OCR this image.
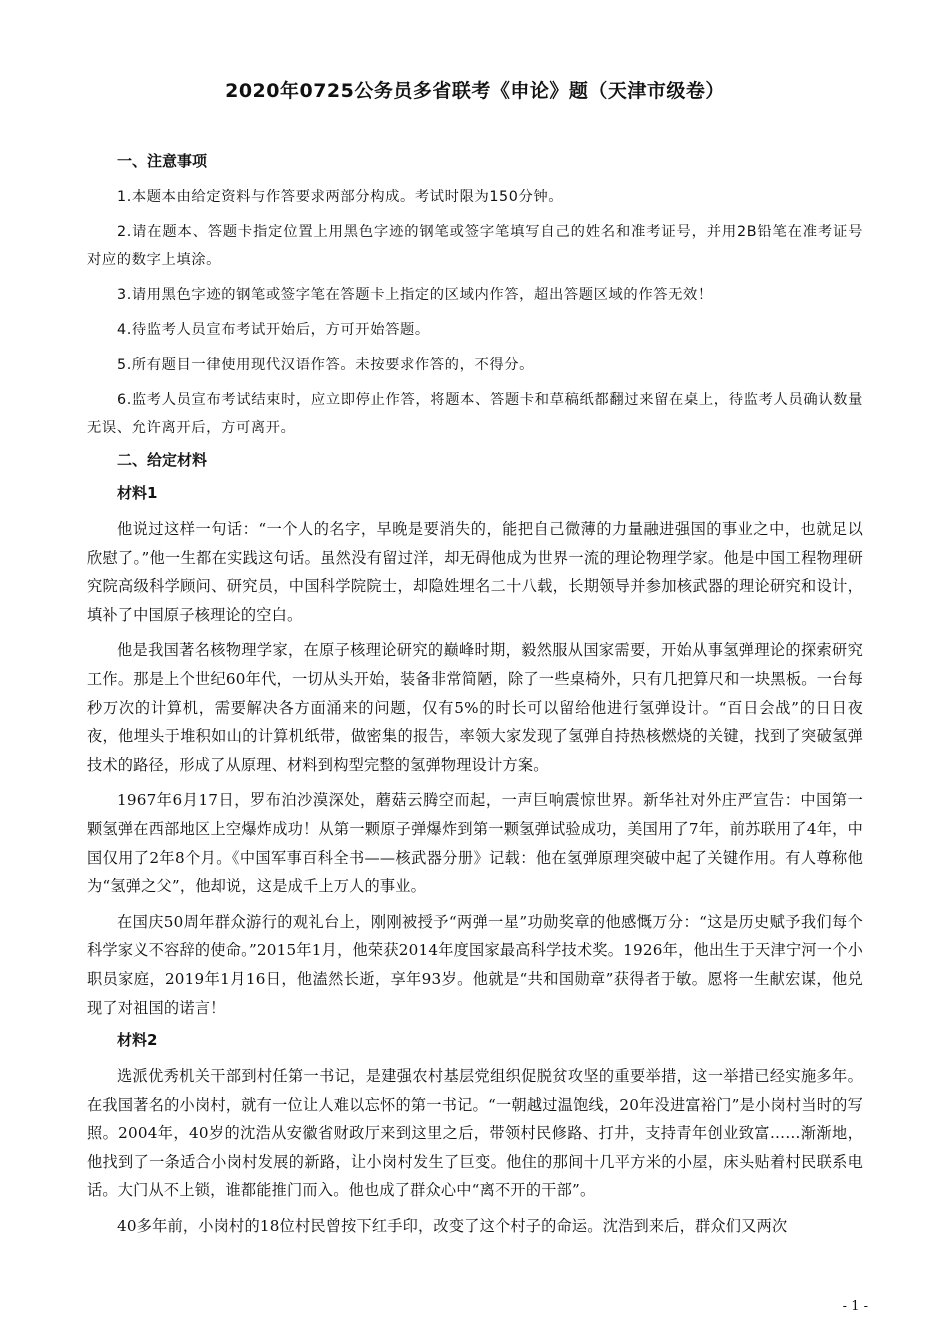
2020年0725公务员多省联考《申论》题（天津市级卷）
一、注意事项

1.本题本由给定资料与作答要求两部分构成。考试时限为150分钟。

2.请在题本、答题卡指定位置上用黑色字迹的钢笔或签字笔填写自己的姓名和准考证号，并用2B铅笔在准考证号对应的数字上填涂。

3.请用黑色字迹的钢笔或签字笔在答题卡上指定的区域内作答，超出答题区域的作答无效！

4.待监考人员宣布考试开始后，方可开始答题。

5.所有题目一律使用现代汉语作答。未按要求作答的，不得分。

6.监考人员宣布考试结束时，应立即停止作答，将题本、答题卡和草稿纸都翻过来留在桌上，待监考人员确认数量无误、允许离开后，方可离开。

二、给定材料
材料1

他说过这样一句话：“一个人的名字，早晚是要消失的，能把自己微薄的力量融进强国的事业之中，也就足以欣慰了。”他一生都在实践这句话。虽然没有留过洋，却无碍他成为世界一流的理论物理学家。他是中国工程物理研究院高级科学顾问、研究员，中国科学院院士，却隐姓埋名二十八载，长期领导并参加核武器的理论研究和设计，填补了中国原子核理论的空白。

他是我国著名核物理学家，在原子核理论研究的巅峰时期，毅然服从国家需要，开始从事氢弹理论的探索研究工作。那是上个世纪60年代，一切从头开始，装备非常简陋，除了一些桌椅外，只有几把算尺和一块黑板。一台每秒万次的计算机，需要解决各方面涌来的问题，仅有5%的时长可以留给他进行氢弹设计。“百日会战”的日日夜夜，他埋头于堆积如山的计算机纸带，做密集的报告，率领大家发现了氢弹自持热核燃烧的关键，找到了突破氢弹技术的路径，形成了从原理、材料到构型完整的氢弹物理设计方案。

1967年6月17日，罗布泊沙漠深处，蘑菇云腾空而起，一声巨响震惊世界。新华社对外庄严宣告：中国第一颗氢弹在西部地区上空爆炸成功！从第一颗原子弹爆炸到第一颗氢弹试验成功，美国用了7年，前苏联用了4年，中国仅用了2年8个月。《中国军事百科全书——核武器分册》记载：他在氢弹原理突破中起了关键作用。有人尊称他为“氢弹之父”，他却说，这是成千上万人的事业。

在国庆50周年群众游行的观礼台上，刚刚被授予“两弹一星”功勋奖章的他感慨万分：“这是历史赋予我们每个科学家义不容辞的使命。”2015年1月，他荣获2014年度国家最高科学技术奖。1926年，他出生于天津宁河一个小职员家庭，2019年1月16日，他溘然长逝，享年93岁。他就是“共和国勋章”获得者于敏。愿将一生献宏谋，他兑现了对祖国的诺言！

材料2

选派优秀机关干部到村任第一书记，是建强农村基层党组织促脱贫攻坚的重要举措，这一举措已经实施多年。在我国著名的小岗村，就有一位让人难以忘怀的第一书记。“一朝越过温饱线，20年没进富裕门”是小岗村当时的写照。2004年，40岁的沈浩从安徽省财政厅来到这里之后，带领村民修路、打井，支持青年创业致富……渐渐地，他找到了一条适合小岗村发展的新路，让小岗村发生了巨变。他住的那间十几平方米的小屋，床头贴着村民联系电话。大门从不上锁，谁都能推门而入。他也成了群众心中“离不开的干部”。

40多年前，小岗村的18位村民曾按下红手印，改变了这个村子的命运。沈浩到来后，群众们又两次

- 1 -
